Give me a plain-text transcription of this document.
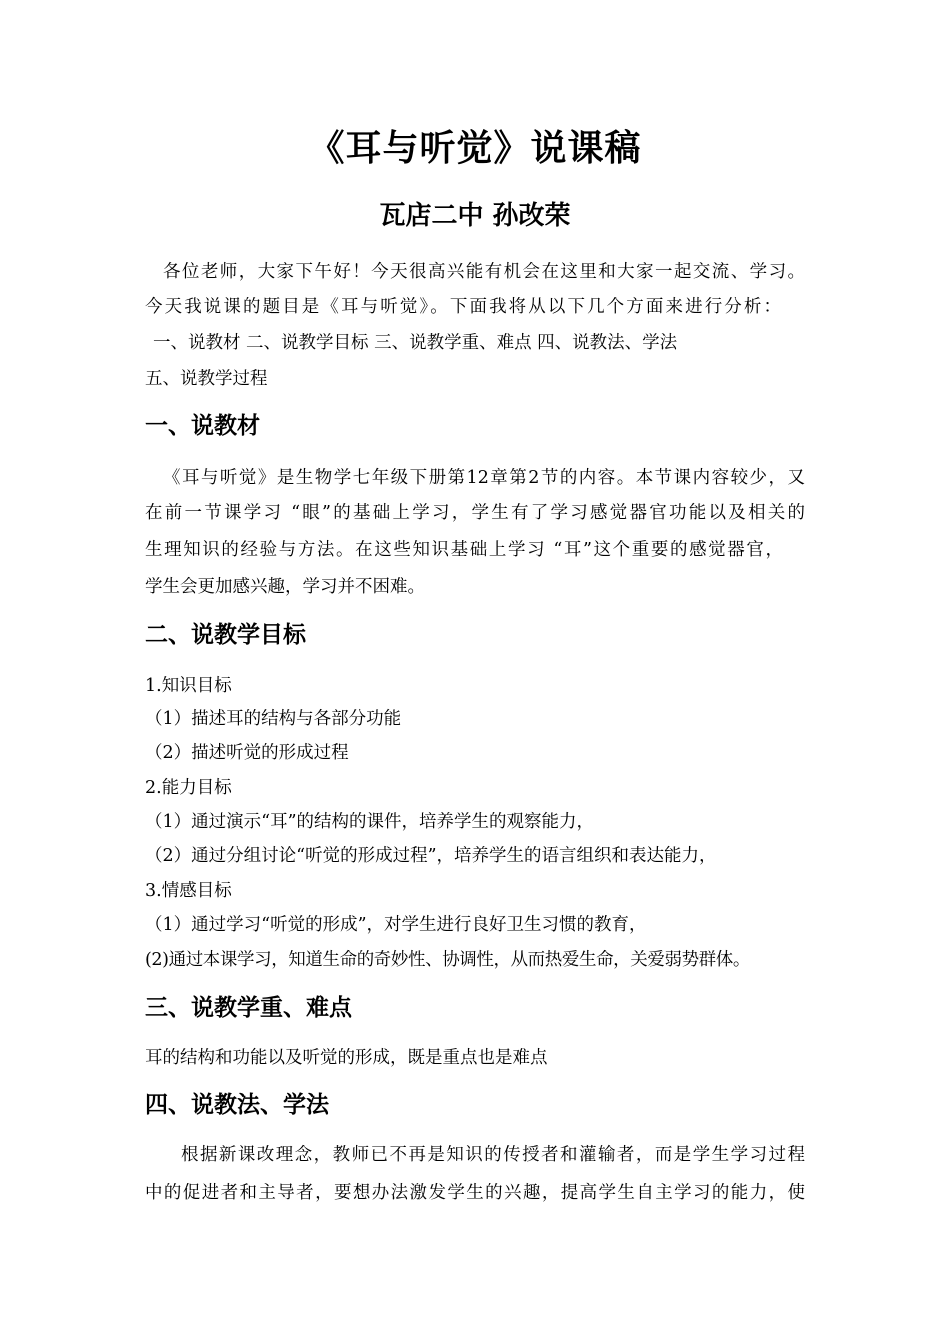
《耳与听觉》说课稿
瓦店二中 孙改荣
各位老师，大家下午好！今天很高兴能有机会在这里和大家一起交流、学习。
今天我说课的题目是《耳与听觉》。下面我将从以下几个方面来进行分析：
一、说教材 二、说教学目标 三、说教学重、难点 四、说教法、学法
五、说教学过程
一、说教材
《耳与听觉》是生物学七年级下册第12章第2节的内容。本节课内容较少，又
在前一节课学习 “眼”的基础上学习，学生有了学习感觉器官功能以及相关的
生理知识的经验与方法。在这些知识基础上学习 “耳”这个重要的感觉器官，
学生会更加感兴趣，学习并不困难。
二、说教学目标
1.知识目标
（1）描述耳的结构与各部分功能
（2）描述听觉的形成过程
2.能力目标
（1）通过演示“耳”的结构的课件，培养学生的观察能力，
（2）通过分组讨论“听觉的形成过程”，培养学生的语言组织和表达能力，
3.情感目标
（1）通过学习“听觉的形成”，对学生进行良好卫生习惯的教育，
(2)通过本课学习，知道生命的奇妙性、协调性，从而热爱生命，关爱弱势群体。
三、说教学重、难点
耳的结构和功能以及听觉的形成，既是重点也是难点
四、说教法、学法
根据新课改理念，教师已不再是知识的传授者和灌输者，而是学生学习过程
中的促进者和主导者，要想办法激发学生的兴趣，提高学生自主学习的能力，使
